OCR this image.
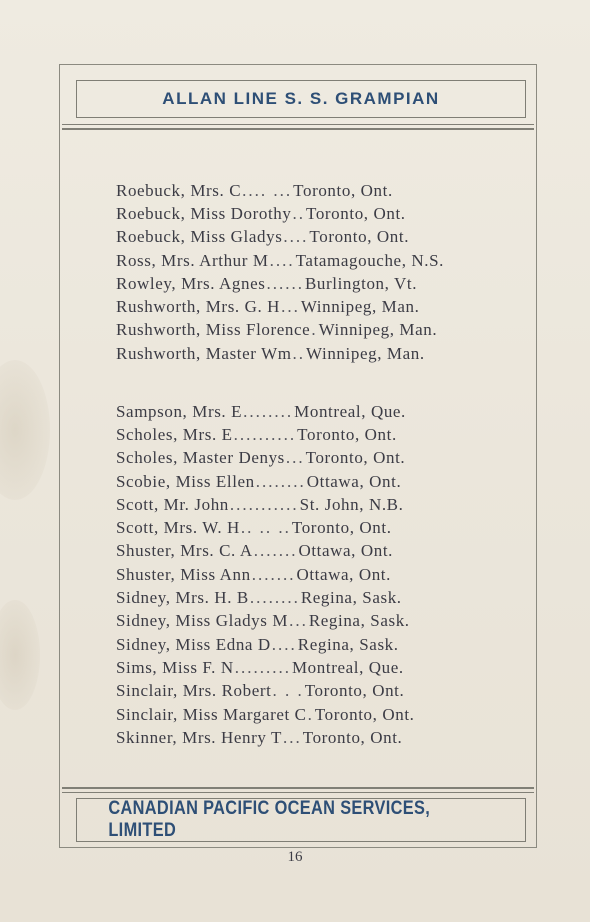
ALLAN LINE S. S. GRAMPIAN
Roebuck, Mrs. C .... ... Toronto, Ont.
Roebuck, Miss Dorothy .. Toronto, Ont.
Roebuck, Miss Gladys .... Toronto, Ont.
Ross, Mrs. Arthur M .... Tatamagouche, N.S.
Rowley, Mrs. Agnes ...... Burlington, Vt.
Rushworth, Mrs. G. H ... Winnipeg, Man.
Rushworth, Miss Florence . Winnipeg, Man.
Rushworth, Master Wm .. Winnipeg, Man.
Sampson, Mrs. E ........ Montreal, Que.
Scholes, Mrs. E .......... Toronto, Ont.
Scholes, Master Denys ... Toronto, Ont.
Scobie, Miss Ellen ........ Ottawa, Ont.
Scott, Mr. John ........... St. John, N.B.
Scott, Mrs. W. H .. .. .. Toronto, Ont.
Shuster, Mrs. C. A ....... Ottawa, Ont.
Shuster, Miss Ann ....... Ottawa, Ont.
Sidney, Mrs. H. B ........ Regina, Sask.
Sidney, Miss Gladys M ... Regina, Sask.
Sidney, Miss Edna D .... Regina, Sask.
Sims, Miss F. N ......... Montreal, Que.
Sinclair, Mrs. Robert . . . Toronto, Ont.
Sinclair, Miss Margaret C . Toronto, Ont.
Skinner, Mrs. Henry T ... Toronto, Ont.
CANADIAN PACIFIC OCEAN SERVICES, LIMITED
16
